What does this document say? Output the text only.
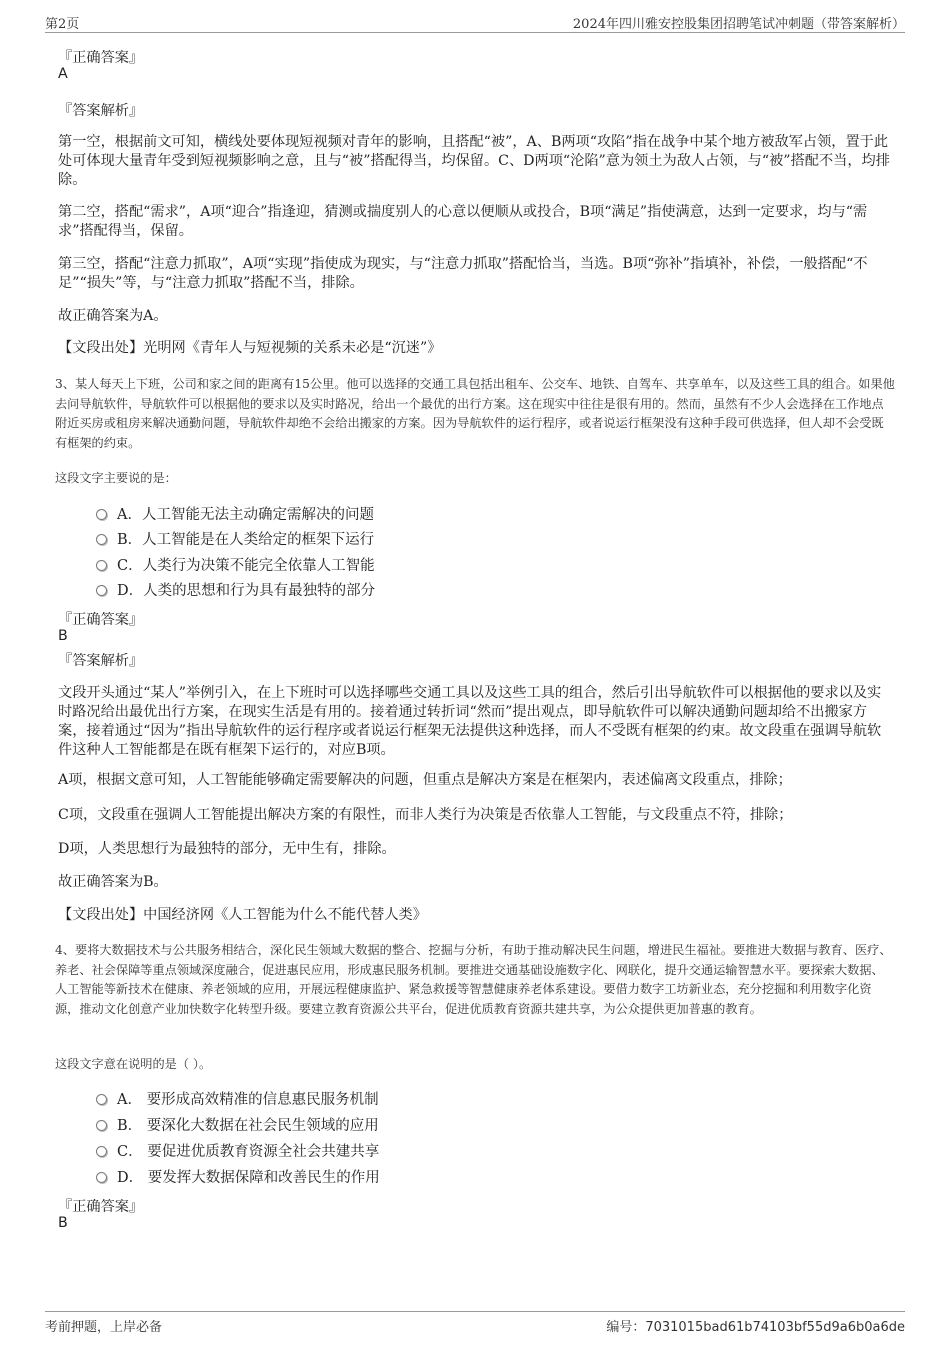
第2页	2024年四川雅安控股集团招聘笔试冲刺题（带答案解析）
『正确答案』
A
『答案解析』
第一空，根据前文可知，横线处要体现短视频对青年的影响，且搭配“被”，A、B两项“攻陷”指在战争中某个地方被敌军占领，置于此处可体现大量青年受到短视频影响之意，且与“被”搭配得当，均保留。C、D两项“沦陷”意为领土为敌人占领，与“被”搭配不当，均排除。
第二空，搭配“需求”，A项“迎合”指逢迎，猜测或揣度别人的心意以便顺从或投合，B项“满足”指使满意，达到一定要求，均与“需求”搭配得当，保留。
第三空，搭配“注意力抓取”，A项“实现”指使成为现实，与“注意力抓取”搭配恰当，当选。B项“弥补”指填补，补偿，一般搭配“不足”“损失”等，与“注意力抓取”搭配不当，排除。
故正确答案为A。
【文段出处】光明网《青年人与短视频的关系未必是“沉迷”》
3、某人每天上下班，公司和家之间的距离有15公里。他可以选择的交通工具包括出租车、公交车、地铁、自驾车、共享单车，以及这些工具的组合。如果他去问导航软件，导航软件可以根据他的要求以及实时路况，给出一个最优的出行方案。这在现实中往往是很有用的。然而，虽然有不少人会选择在工作地点附近买房或租房来解决通勤问题，导航软件却绝不会给出搬家的方案。因为导航软件的运行程序，或者说运行框架没有这种手段可供选择，但人却不会受既有框架的约束。
这段文字主要说的是：
A．人工智能无法主动确定需解决的问题
B．人工智能是在人类给定的框架下运行
C．人类行为决策不能完全依靠人工智能
D．人类的思想和行为具有最独特的部分
『正确答案』
B
『答案解析』
文段开头通过“某人”举例引入，在上下班时可以选择哪些交通工具以及这些工具的组合，然后引出导航软件可以根据他的要求以及实时路况给出最优出行方案，在现实生活是有用的。接着通过转折词“然而”提出观点，即导航软件可以解决通勤问题却给不出搬家方案，接着通过“因为”指出导航软件的运行程序或者说运行框架无法提供这种选择，而人不受既有框架的约束。故文段重在强调导航软件这种人工智能都是在既有框架下运行的，对应B项。
A项，根据文意可知，人工智能能够确定需要解决的问题，但重点是解决方案是在框架内，表述偏离文段重点，排除；
C项，文段重在强调人工智能提出解决方案的有限性，而非人类行为决策是否依靠人工智能，与文段重点不符，排除；
D项，人类思想行为最独特的部分，无中生有，排除。
故正确答案为B。
【文段出处】中国经济网《人工智能为什么不能代替人类》
4、要将大数据技术与公共服务相结合，深化民生领域大数据的整合、挖掘与分析，有助于推动解决民生问题，增进民生福祉。要推进大数据与教育、医疗、养老、社会保障等重点领域深度融合，促进惠民应用，形成惠民服务机制。要推进交通基础设施数字化、网联化，提升交通运输智慧水平。要探索大数据、人工智能等新技术在健康、养老领域的应用，开展远程健康监护、紧急救援等智慧健康养老体系建设。要借力数字工坊新业态，充分挖掘和利用数字化资源，推动文化创意产业加快数字化转型升级。要建立教育资源公共平台，促进优质教育资源共建共享，为公众提供更加普惠的教育。
这段文字意在说明的是（ ）。
A． 要形成高效精准的信息惠民服务机制
B． 要深化大数据在社会民生领域的应用
C． 要促进优质教育资源全社会共建共享
D． 要发挥大数据保障和改善民生的作用
『正确答案』
B
考前押题，上岸必备	编号：7031015bad61b74103bf55d9a6b0a6de
